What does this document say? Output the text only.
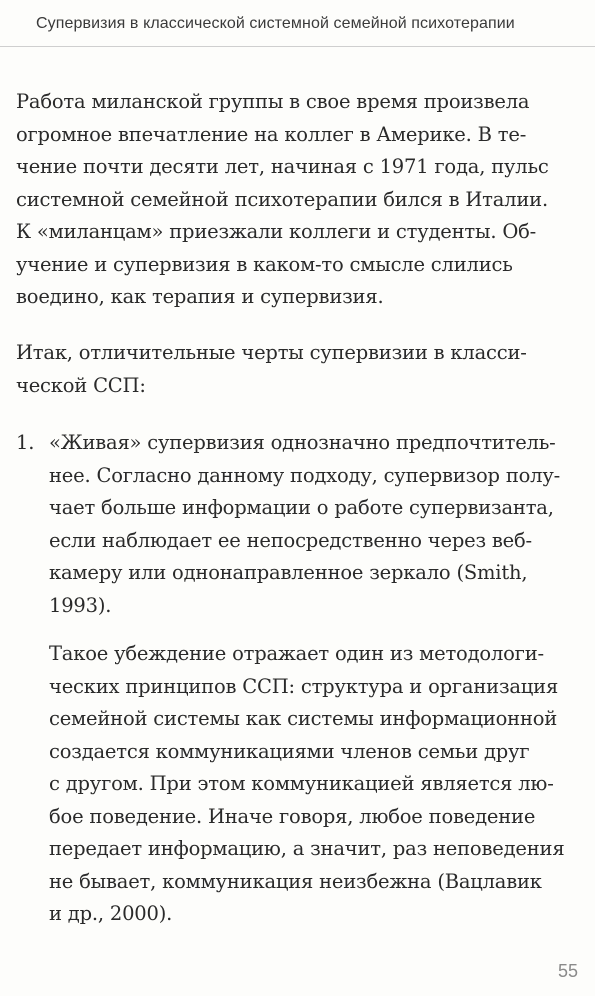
Супервизия в классической системной семейной психотерапии
Работа миланской группы в свое время произвела
огромное впечатление на коллег в Америке. В те-
чение почти десяти лет, начиная с 1971 года, пульс
системной семейной психотерапии бился в Италии.
К «миланцам» приезжали коллеги и студенты. Об-
учение и супервизия в каком-то смысле слились
воедино, как терапия и супервизия.
Итак, отличительные черты супервизии в класси-
ческой ССП:
1. «Живая» супервизия однозначно предпочтитель-
нее. Согласно данному подходу, супервизор полу-
чает больше информации о работе супервизанта,
если наблюдает ее непосредственно через веб-
камеру или однонаправленное зеркало (Smith,
1993).
Такое убеждение отражает один из методологи-
ческих принципов ССП: структура и организация
семейной системы как системы информационной
создается коммуникациями членов семьи друг
с другом. При этом коммуникацией является лю-
бое поведение. Иначе говоря, любое поведение
передает информацию, а значит, раз неповедения
не бывает, коммуникация неизбежна (Вацлавик
и др., 2000).
55
